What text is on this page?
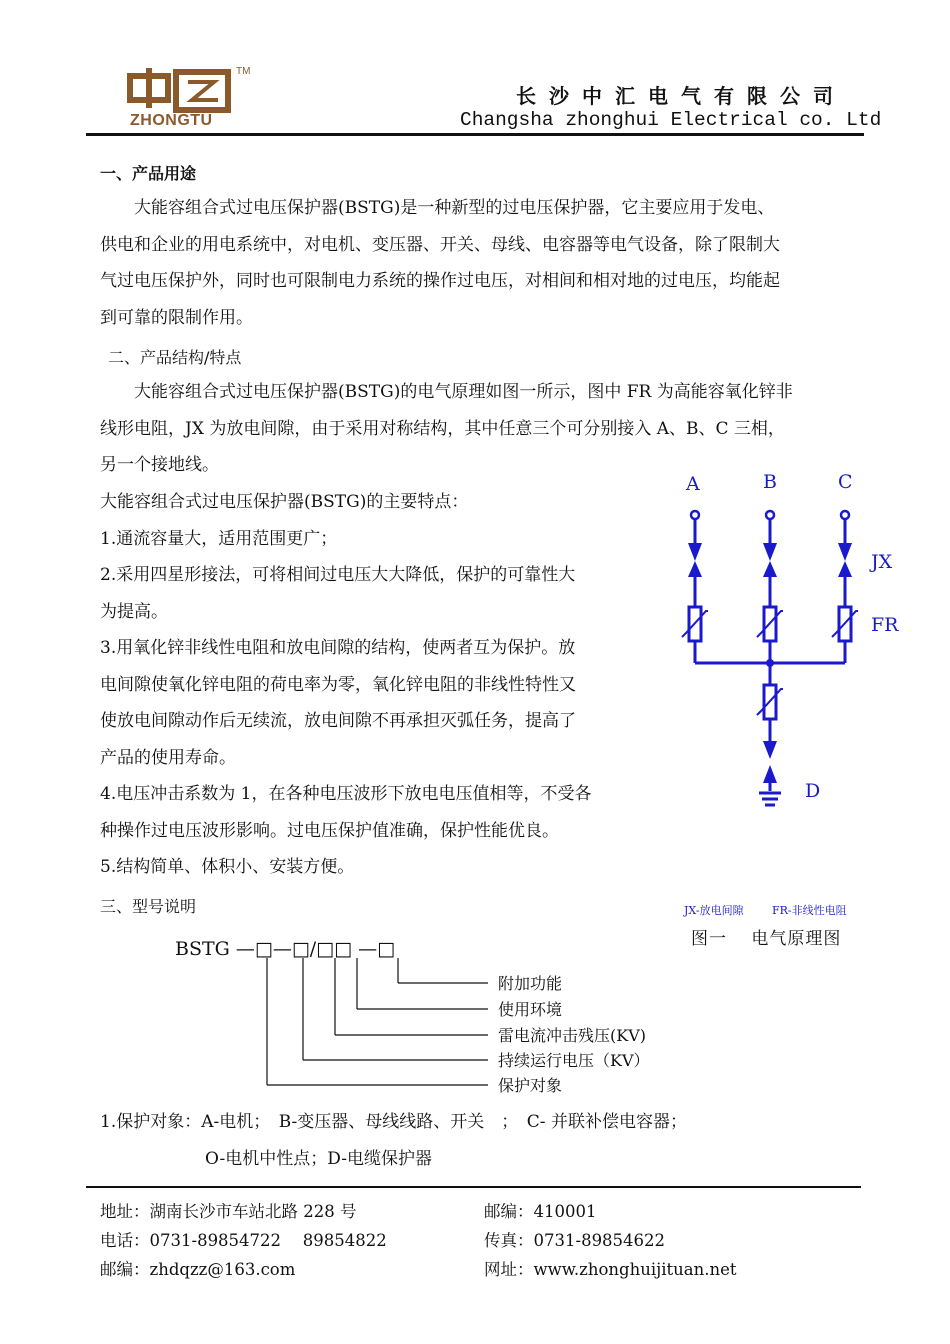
TM
ZHONGTU
长沙中汇电气有限公司
Changsha zhonghui Electrical co. Ltd
一、产品用途
　　大能容组合式过电压保护器(BSTG)是一种新型的过电压保护器，它主要应用于发电、
供电和企业的用电系统中，对电机、变压器、开关、母线、电容器等电气设备，除了限制大
气过电压保护外，同时也可限制电力系统的操作过电压，对相间和相对地的过电压，均能起
到可靠的限制作用。
二、产品结构/特点
　　大能容组合式过电压保护器(BSTG)的电气原理如图一所示，图中 FR 为高能容氧化锌非
线形电阻，JX 为放电间隙，由于采用对称结构，其中任意三个可分别接入 A、B、C 三相，
另一个接地线。
大能容组合式过电压保护器(BSTG)的主要特点：
1.通流容量大，适用范围更广；
2.采用四星形接法，可将相间过电压大大降低，保护的可靠性大
为提高。
3.用氧化锌非线性电阻和放电间隙的结构，使两者互为保护。放
电间隙使氧化锌电阻的荷电率为零，氧化锌电阻的非线性特性又
使放电间隙动作后无续流，放电间隙不再承担灭弧任务，提高了
产品的使用寿命。
4.电压冲击系数为 1，在各种电压波形下放电电压值相等，不受各
种操作过电压波形影响。过电压保护值准确，保护性能优良。
5.结构简单、体积小、安装方便。
A	B	C
JX
FR
D
JX-放电间隙	FR-非线性电阻
图一　 电气原理图
三、型号说明
BSTG —□—□/□□ —□
附加功能
使用环境
雷电流冲击残压(KV)
持续运行电压（KV）
保护对象
1.保护对象：A-电机；　B-变压器、母线线路、开关　；　C- 并联补偿电容器；
O-电机中性点；D-电缆保护器
地址：湖南长沙市车站北路 228 号	邮编：410001
电话：0731-89854722　 89854822	传真：0731-89854622
邮编：zhdqzz@163.com	网址：www.zhonghuijituan.net
